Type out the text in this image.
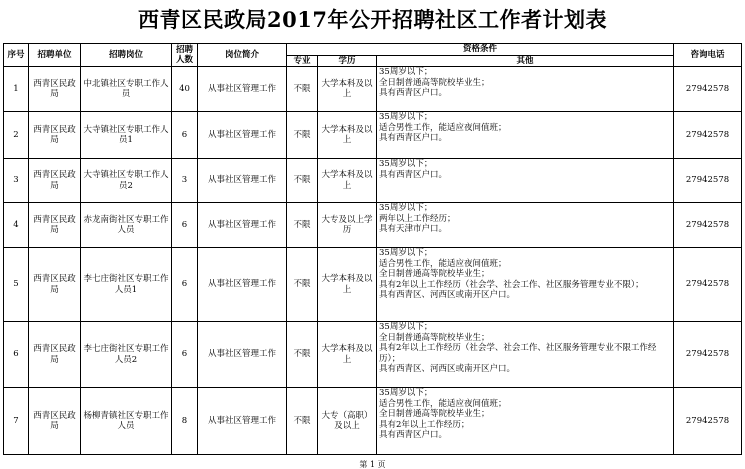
西青区民政局2017年公开招聘社区工作者计划表
序号	招聘单位	招聘岗位	招聘人数	岗位简介	资格条件			咨询电话
					专业	学历	其他	
1	西青区民政局	中北镇社区专职工作人员	40	从事社区管理工作	不限	大学本科及以上	35周岁以下；
全日制普通高等院校毕业生；
具有西青区户口。	27942578
2	西青区民政局	大寺镇社区专职工作人员1	6	从事社区管理工作	不限	大学本科及以上	35周岁以下；
适合男性工作，能适应夜间值班；
具有西青区户口。	27942578
3	西青区民政局	大寺镇社区专职工作人员2	3	从事社区管理工作	不限	大学本科及以上	35周岁以下；
具有西青区户口。	27942578
4	西青区民政局	赤龙南街社区专职工作人员	6	从事社区管理工作	不限	大专及以上学历	35周岁以下；
两年以上工作经历；
具有天津市户口。	27942578
5	西青区民政局	李七庄街社区专职工作人员1	6	从事社区管理工作	不限	大学本科及以上	35周岁以下；
适合男性工作，能适应夜间值班；
全日制普通高等院校毕业生；
具有2年以上工作经历（社会学、社会工作、社区服务管理专业不限）；
具有西青区、河西区或南开区户口。	27942578
6	西青区民政局	李七庄街社区专职工作人员2	6	从事社区管理工作	不限	大学本科及以上	35周岁以下；
全日制普通高等院校毕业生；
具有2年以上工作经历（社会学、社会工作、社区服务管理专业不限工作经历）；
具有西青区、河西区或南开区户口。	27942578
7	西青区民政局	杨柳青镇社区专职工作人员	8	从事社区管理工作	不限	大专（高职）及以上	35周岁以下；
适合男性工作，能适应夜间值班；
全日制普通高等院校毕业生；
具有2年以上工作经历；
具有西青区户口。	27942578
第 1 页
